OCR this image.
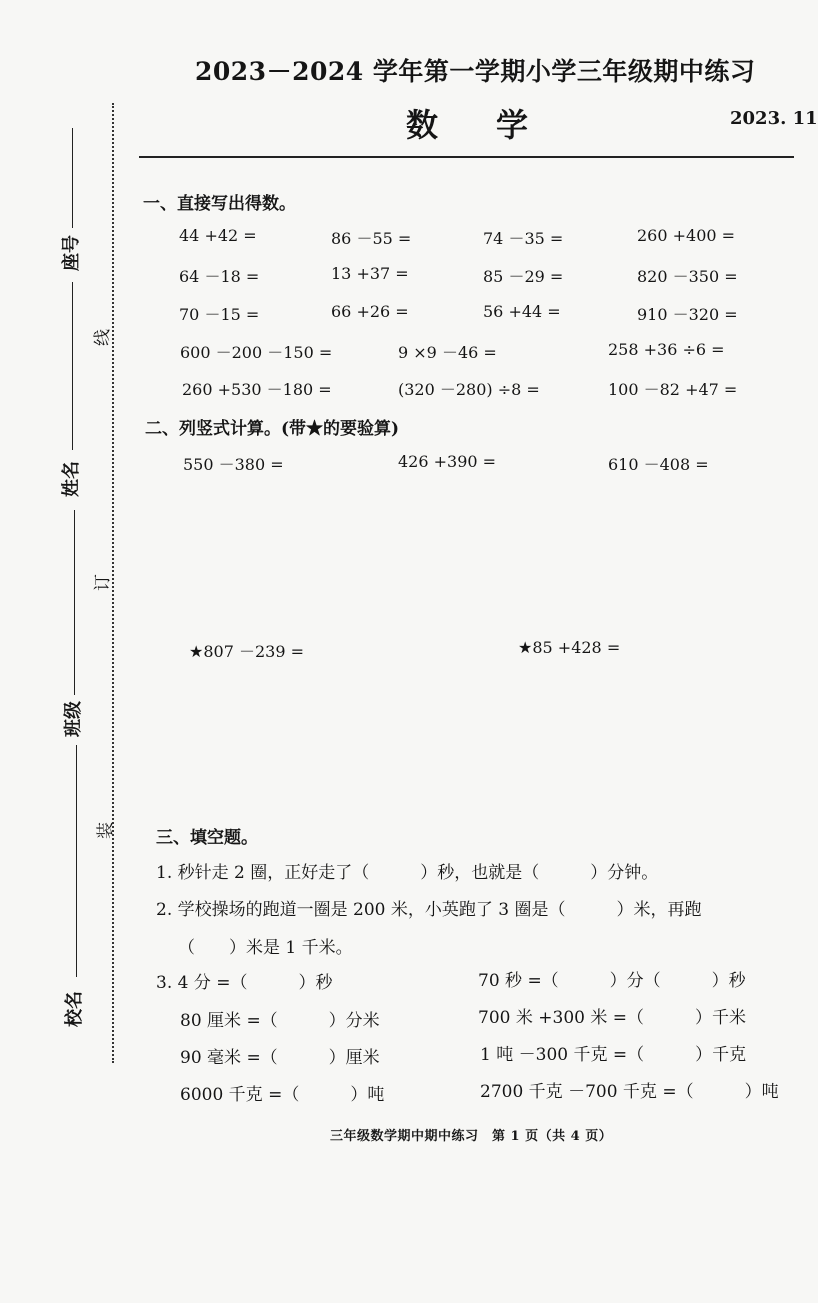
线
订
装
座号
姓名
班级
校名
2023－2024 学年第一学期小学三年级期中练习
数学	2023. 11
一、直接写出得数。
44 +42 =	86 －55 =	74 －35 =	260 +400 =
64 －18 =	13 +37 =	85 －29 =	820 －350 =
70 －15 =	66 +26 =	56 +44 =	910 －320 =
600 －200 －150 =	9 ×9 －46 =	258 +36 ÷6 =
260 +530 －180 =	(320 －280) ÷8 =	100 －82 +47 =
二、列竖式计算。(带★的要验算)
550 －380 =	426 +390 =	610 －408 =
★807 －239 =	★85 +428 =
三、填空题。
1. 秒针走 2 圈，正好走了（　　　）秒，也就是（　　　）分钟。
2. 学校操场的跑道一圈是 200 米，小英跑了 3 圈是（　　　）米，再跑
（　　）米是 1 千米。
3. 4 分 =（　　　）秒	70 秒 =（　　　）分（　　　）秒
80 厘米 =（　　　）分米	700 米 +300 米 =（　　　）千米
90 毫米 =（　　　）厘米	1 吨 －300 千克 =（　　　）千克
6000 千克 =（　　　）吨	2700 千克 －700 千克 =（　　　）吨
三年级数学期中期中练习　第 1 页（共 4 页）
